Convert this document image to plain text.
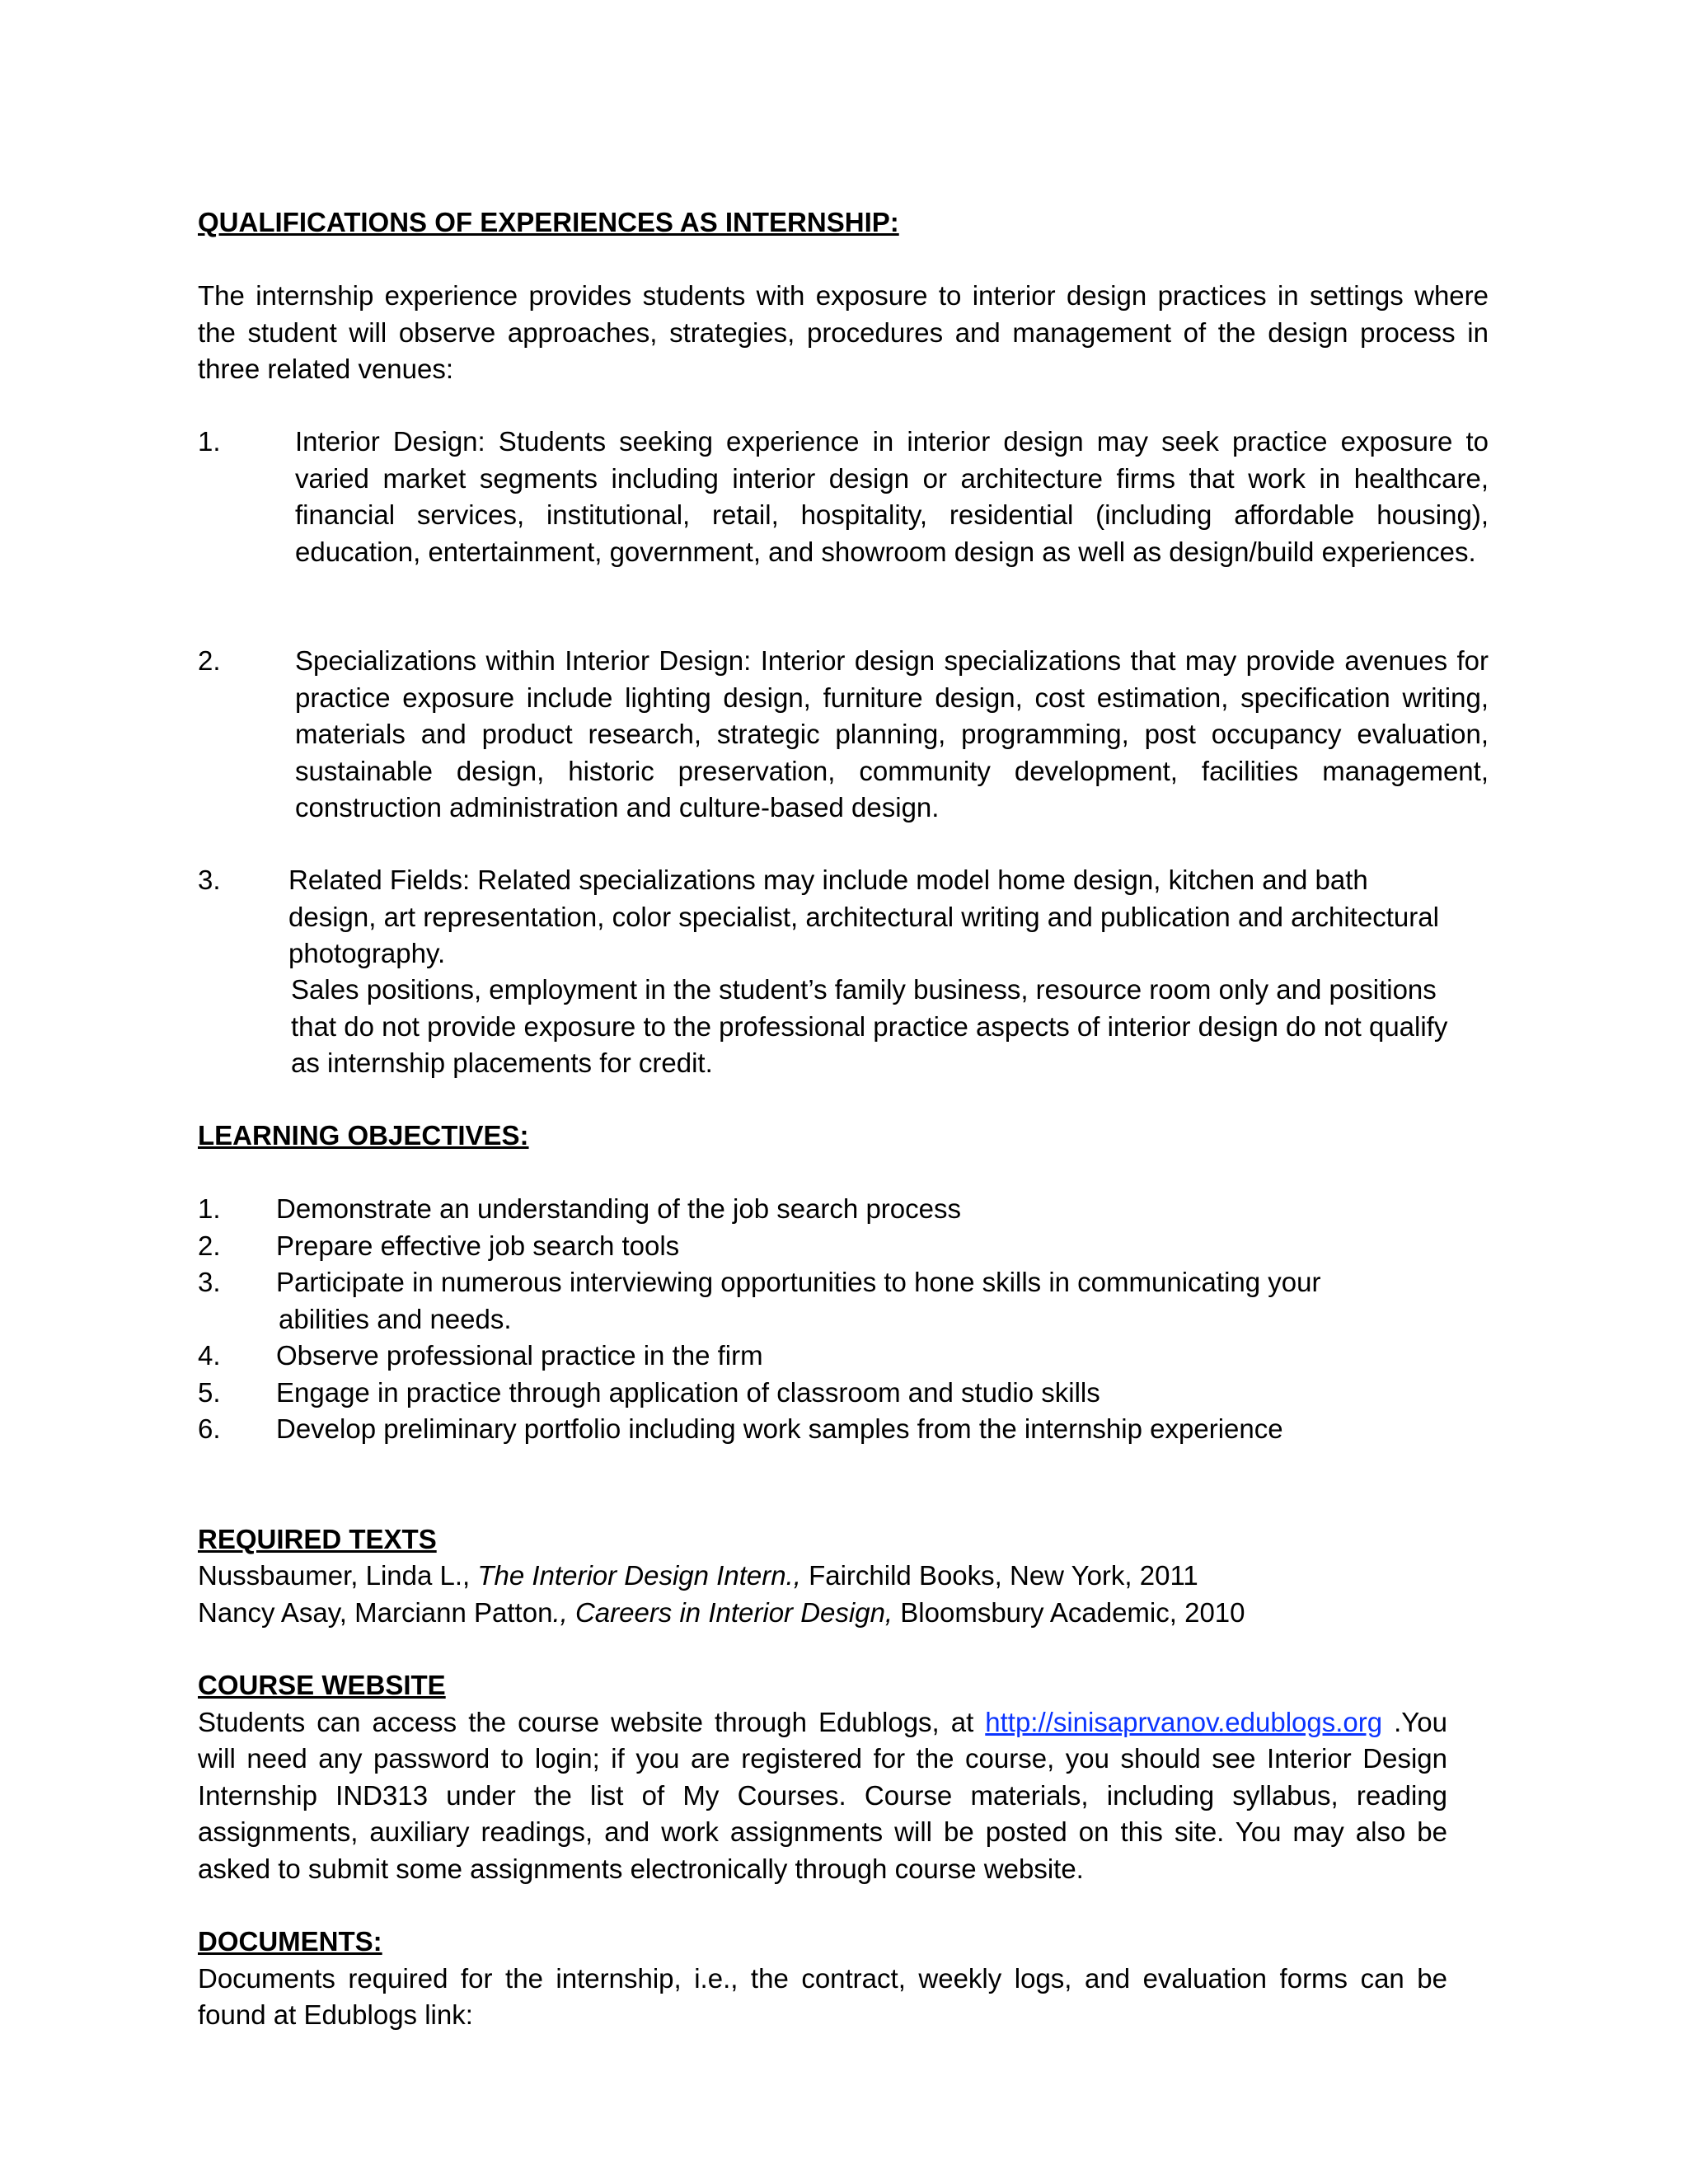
QUALIFICATIONS OF EXPERIENCES AS INTERNSHIP:
The internship experience provides students with exposure to interior design practices in settings where the student will observe approaches, strategies, procedures and management of the design process in three related venues:
1.	Interior Design: Students seeking experience in interior design may seek practice exposure to varied market segments including interior design or architecture firms that work in healthcare, financial services, institutional, retail, hospitality, residential (including affordable housing), education, entertainment, government, and showroom design as well as design/build experiences.
2.	Specializations within Interior Design: Interior design specializations that may provide avenues for practice exposure include lighting design, furniture design, cost estimation, specification writing, materials and product research, strategic planning, programming, post occupancy evaluation, sustainable design, historic preservation, community development, facilities management, construction administration and culture-based design.
3. Related Fields: Related specializations may include model home design, kitchen and bath design, art representation, color specialist, architectural writing and publication and architectural photography.
Sales positions, employment in the student’s family business, resource room only and positions that do not provide exposure to the professional practice aspects of interior design do not qualify as internship placements for credit.
LEARNING OBJECTIVES:
1. Demonstrate an understanding of the job search process
2. Prepare effective job search tools
3. Participate in numerous interviewing opportunities to hone skills in communicating your
abilities and needs.
4. Observe professional practice in the firm
5. Engage in practice through application of classroom and studio skills
6. Develop preliminary portfolio including work samples from the internship experience
REQUIRED TEXTS
Nussbaumer, Linda L., The Interior Design Intern., Fairchild Books, New York, 2011
Nancy Asay, Marciann Patton., Careers in Interior Design, Bloomsbury Academic, 2010
COURSE WEBSITE
Students can access the course website through Edublogs, at http://sinisaprvanov.edublogs.org .You will need any password to login; if you are registered for the course, you should see Interior Design Internship IND313 under the list of My Courses. Course materials, including syllabus, reading assignments, auxiliary readings, and work assignments will be posted on this site. You may also be asked to submit some assignments electronically through course website.
DOCUMENTS:
Documents required for the internship, i.e., the contract, weekly logs, and evaluation forms can be found at Edublogs link:
